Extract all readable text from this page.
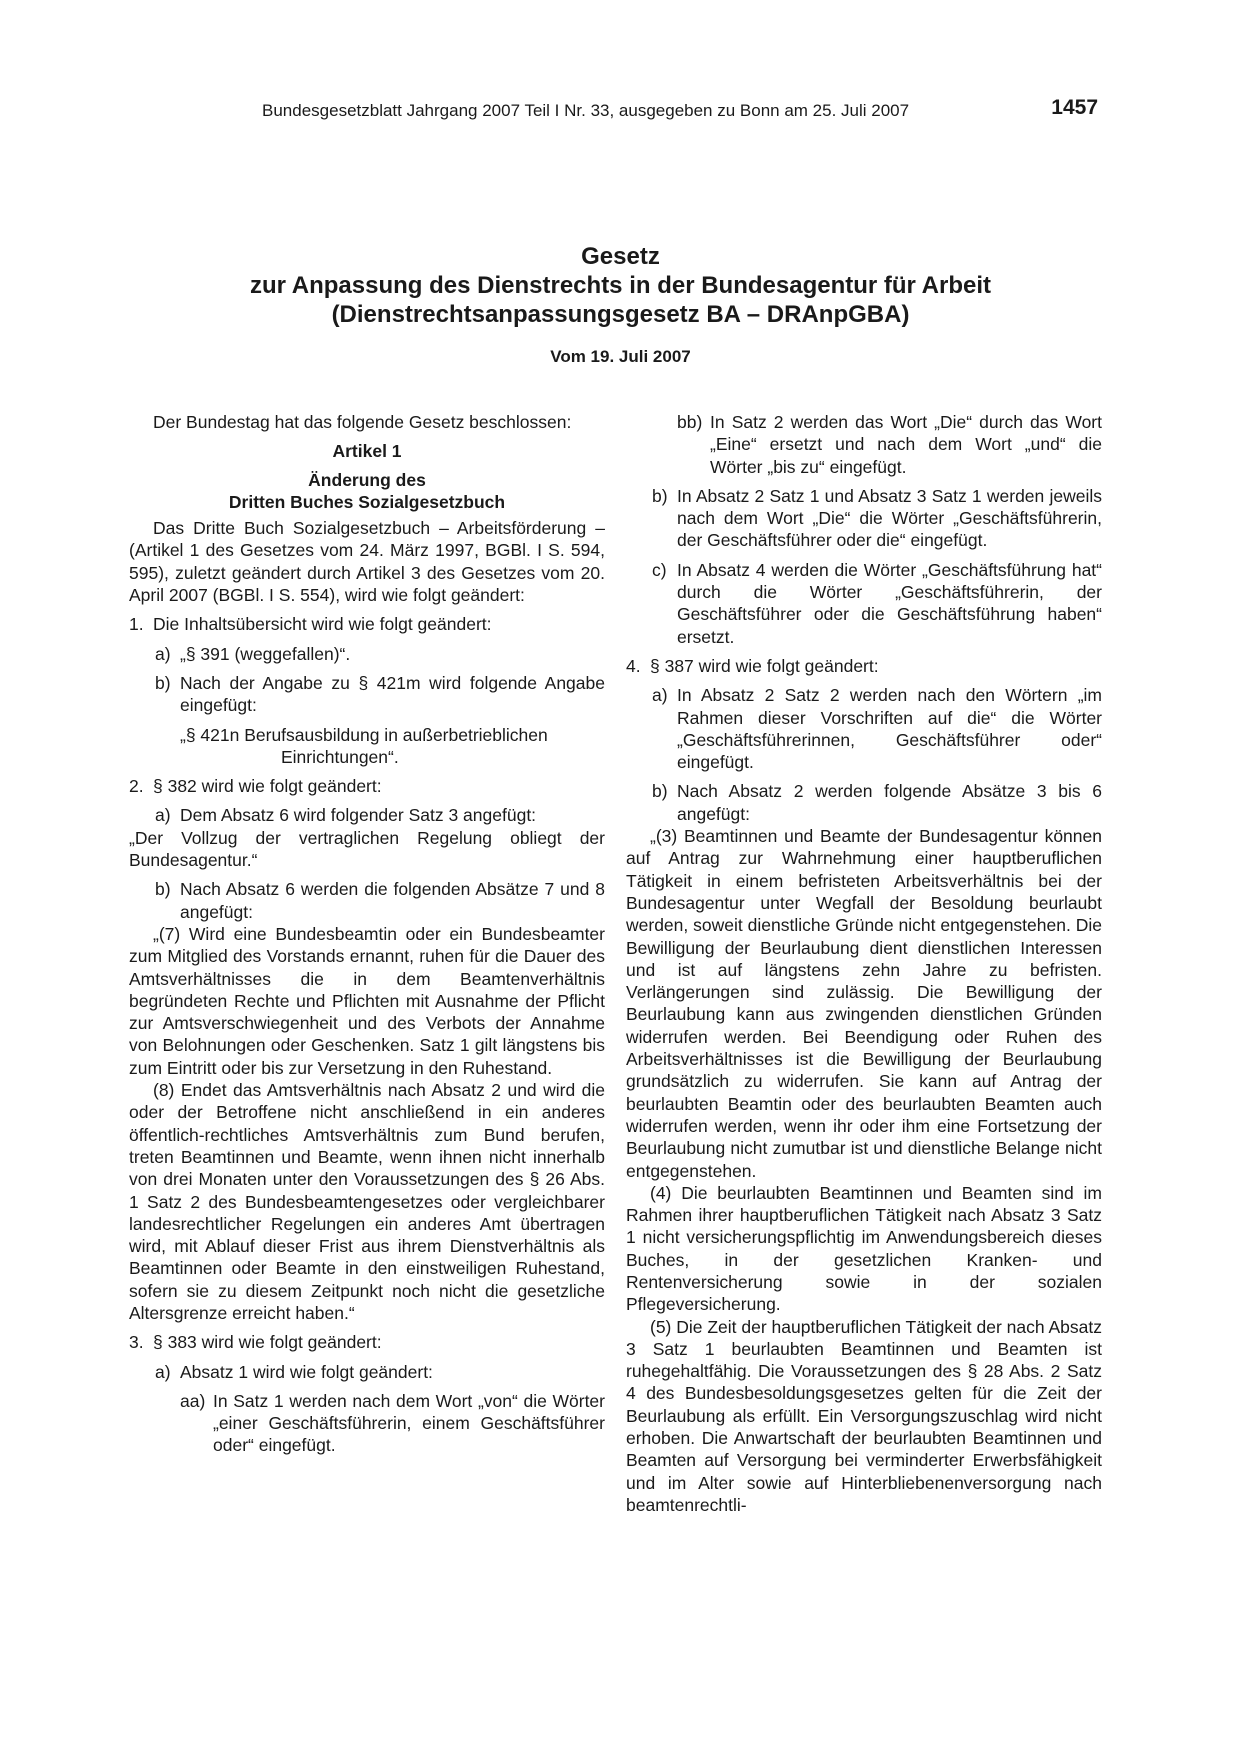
Bundesgesetzblatt Jahrgang 2007 Teil I Nr. 33, ausgegeben zu Bonn am 25. Juli 2007	1457
Gesetz
zur Anpassung des Dienstrechts in der Bundesagentur für Arbeit
(Dienstrechtsanpassungsgesetz BA – DRAnpGBA)
Vom 19. Juli 2007

Der Bundestag hat das folgende Gesetz beschlossen:

Artikel 1

Änderung des

Dritten Buches Sozialgesetzbuch

Das Dritte Buch Sozialgesetzbuch – Arbeitsförderung – (Artikel 1 des Gesetzes vom 24. März 1997, BGBl. I S. 594, 595), zuletzt geändert durch Artikel 3 des Gesetzes vom 20. April 2007 (BGBl. I S. 554), wird wie folgt geändert:

1. Die Inhaltsübersicht wird wie folgt geändert:
a) „§ 391 (weggefallen)“.
b) Nach der Angabe zu § 421m wird folgende Angabe eingefügt:
„§ 421n Berufsausbildung in außerbetrieblichen
Einrichtungen“.
2. § 382 wird wie folgt geändert:
a) Dem Absatz 6 wird folgender Satz 3 angefügt:

„Der Vollzug der vertraglichen Regelung obliegt der Bundesagentur.“

b) Nach Absatz 6 werden die folgenden Absätze 7 und 8 angefügt:

„(7) Wird eine Bundesbeamtin oder ein Bundesbeamter zum Mitglied des Vorstands ernannt, ruhen für die Dauer des Amtsverhältnisses die in dem Beamtenverhältnis begründeten Rechte und Pflichten mit Ausnahme der Pflicht zur Amtsverschwiegenheit und des Verbots der Annahme von Belohnungen oder Geschenken. Satz 1 gilt längstens bis zum Eintritt oder bis zur Versetzung in den Ruhestand.

(8) Endet das Amtsverhältnis nach Absatz 2 und wird die oder der Betroffene nicht anschließend in ein anderes öffentlich-rechtliches Amtsverhältnis zum Bund berufen, treten Beamtinnen und Beamte, wenn ihnen nicht innerhalb von drei Monaten unter den Voraussetzungen des § 26 Abs. 1 Satz 2 des Bundesbeamtengesetzes oder vergleichbarer landesrechtlicher Regelungen ein anderes Amt übertragen wird, mit Ablauf dieser Frist aus ihrem Dienstverhältnis als Beamtinnen oder Beamte in den einstweiligen Ruhestand, sofern sie zu diesem Zeitpunkt noch nicht die gesetzliche Altersgrenze erreicht haben.“

3. § 383 wird wie folgt geändert:
a) Absatz 1 wird wie folgt geändert:
aa) In Satz 1 werden nach dem Wort „von“ die Wörter „einer Geschäftsführerin, einem Geschäftsführer oder“ eingefügt.
bb) In Satz 2 werden das Wort „Die“ durch das Wort „Eine“ ersetzt und nach dem Wort „und“ die Wörter „bis zu“ eingefügt.
b) In Absatz 2 Satz 1 und Absatz 3 Satz 1 werden jeweils nach dem Wort „Die“ die Wörter „Geschäftsführerin, der Geschäftsführer oder die“ eingefügt.
c) In Absatz 4 werden die Wörter „Geschäftsführung hat“ durch die Wörter „Geschäftsführerin, der Geschäftsführer oder die Geschäftsführung haben“ ersetzt.
4. § 387 wird wie folgt geändert:
a) In Absatz 2 Satz 2 werden nach den Wörtern „im Rahmen dieser Vorschriften auf die“ die Wörter „Geschäftsführerinnen, Geschäftsführer oder“ eingefügt.
b) Nach Absatz 2 werden folgende Absätze 3 bis 6 angefügt:

„(3) Beamtinnen und Beamte der Bundesagentur können auf Antrag zur Wahrnehmung einer hauptberuflichen Tätigkeit in einem befristeten Arbeitsverhältnis bei der Bundesagentur unter Wegfall der Besoldung beurlaubt werden, soweit dienstliche Gründe nicht entgegenstehen. Die Bewilligung der Beurlaubung dient dienstlichen Interessen und ist auf längstens zehn Jahre zu befristen. Verlängerungen sind zulässig. Die Bewilligung der Beurlaubung kann aus zwingenden dienstlichen Gründen widerrufen werden. Bei Beendigung oder Ruhen des Arbeitsverhältnisses ist die Bewilligung der Beurlaubung grundsätzlich zu widerrufen. Sie kann auf Antrag der beurlaubten Beamtin oder des beurlaubten Beamten auch widerrufen werden, wenn ihr oder ihm eine Fortsetzung der Beurlaubung nicht zumutbar ist und dienstliche Belange nicht entgegenstehen.

(4) Die beurlaubten Beamtinnen und Beamten sind im Rahmen ihrer hauptberuflichen Tätigkeit nach Absatz 3 Satz 1 nicht versicherungspflichtig im Anwendungsbereich dieses Buches, in der gesetzlichen Kranken- und Rentenversicherung sowie in der sozialen Pflegeversicherung.

(5) Die Zeit der hauptberuflichen Tätigkeit der nach Absatz 3 Satz 1 beurlaubten Beamtinnen und Beamten ist ruhegehaltfähig. Die Voraussetzungen des § 28 Abs. 2 Satz 4 des Bundesbesoldungsgesetzes gelten für die Zeit der Beurlaubung als erfüllt. Ein Versorgungszuschlag wird nicht erhoben. Die Anwartschaft der beurlaubten Beamtinnen und Beamten auf Versorgung bei verminderter Erwerbsfähigkeit und im Alter sowie auf Hinterbliebenenversorgung nach beamtenrechtli-
